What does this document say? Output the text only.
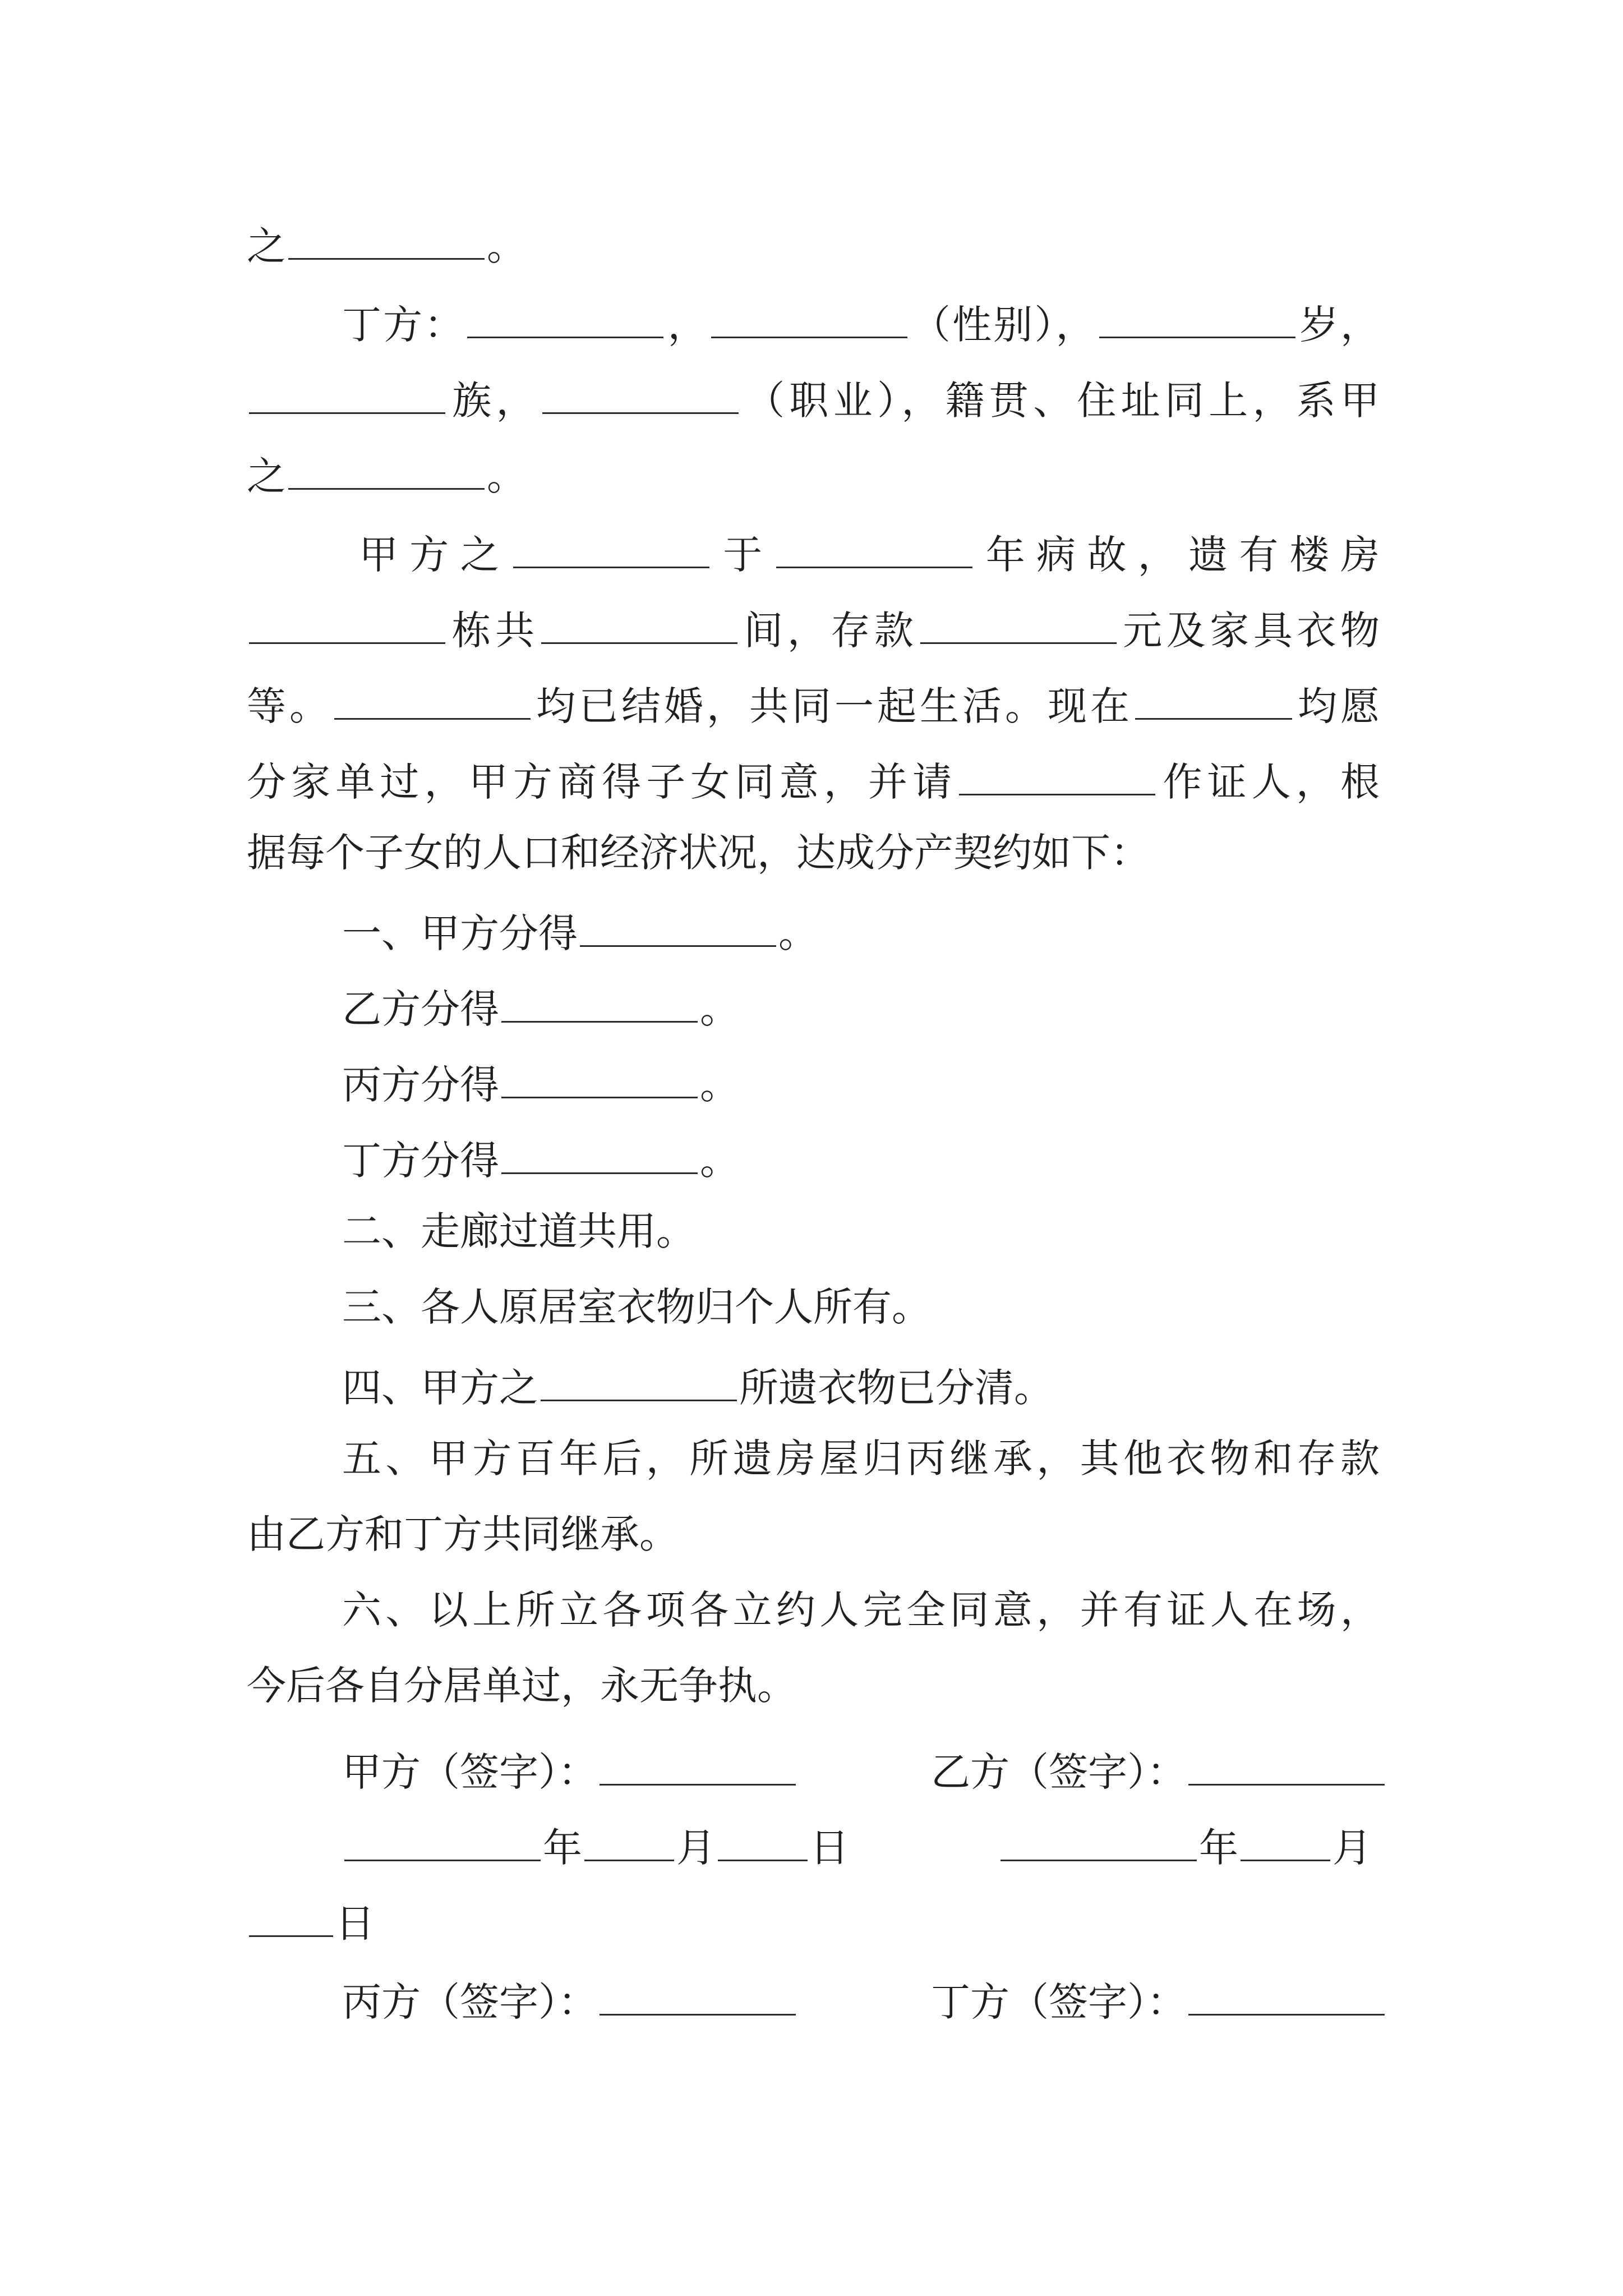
之	。
丁方：	，	（性别），	岁，
族，	（职业），籍贯、住址同上，系甲
之	。
甲方之	于	年病故，遗有楼房
栋共	间，存款	元及家具衣物
等。	均已结婚，共同一起生活。现在	均愿
分家单过，甲方商得子女同意，并请	作证人，根
据每个子女的人口和经济状况，达成分产契约如下：
一、甲方分得	。
乙方分得	。
丙方分得	。
丁方分得	。
二、走廊过道共用。
三、各人原居室衣物归个人所有。
四、甲方之	所遗衣物已分清。
五、甲方百年后，所遗房屋归丙继承，其他衣物和存款
由乙方和丁方共同继承。
六、以上所立各项各立约人完全同意，并有证人在场，
今后各自分居单过，永无争执。
甲方（签字）：	乙方（签字）：
年 月 日	年 月
日
丙方（签字）：	丁方（签字）：
